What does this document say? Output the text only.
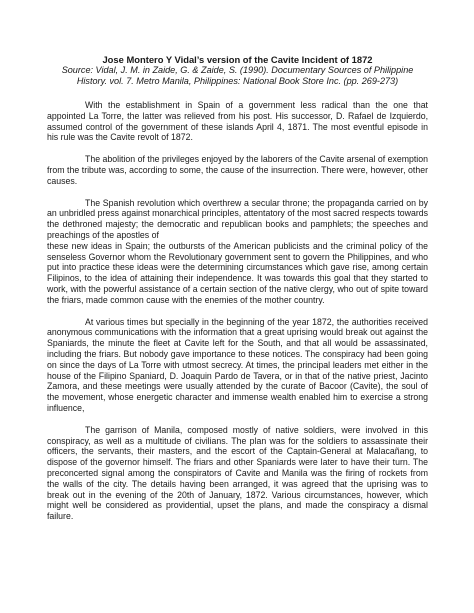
Jose Montero Y Vidal’s version of the Cavite Incident of 1872

Source: Vidal, J. M. in Zaide, G. & Zaide, S. (1990). Documentary Sources of Philippine History. vol. 7. Metro Manila, Philippines: National Book Store Inc. (pp. 269-273)

With the establishment in Spain of a government less radical than the one that appointed La Torre, the latter was relieved from his post. His successor, D. Rafael de Izquierdo, assumed control of the government of these islands April 4, 1871. The most eventful episode in his rule was the Cavite revolt of 1872.

The abolition of the privileges enjoyed by the laborers of the Cavite arsenal of exemption from the tribute was, according to some, the cause of the insurrection. There were, however, other causes.

The Spanish revolution which overthrew a secular throne; the propaganda carried on by an unbridled press against monarchical principles, attentatory of the most sacred respects towards the dethroned majesty; the democratic and republican books and pamphlets; the speeches and preachings of the apostles of

these new ideas in Spain; the outbursts of the American publicists and the criminal policy of the senseless Governor whom the Revolutionary government sent to govern the Philippines, and who put into practice these ideas were the determining circumstances which gave rise, among certain Filipinos, to the idea of attaining their independence. It was towards this goal that they started to work, with the powerful assistance of a certain section of the native clergy, who out of spite toward the friars, made common cause with the enemies of the mother country.

At various times but specially in the beginning of the year 1872, the authorities received anonymous communications with the information that a great uprising would break out against the Spaniards, the minute the fleet at Cavite left for the South, and that all would be assassinated, including the friars. But nobody gave importance to these notices. The conspiracy had been going on since the days of La Torre with utmost secrecy. At times, the principal leaders met either in the house of the Filipino Spaniard, D. Joaquin Pardo de Tavera, or in that of the native priest, Jacinto Zamora, and these meetings were usually attended by the curate of Bacoor (Cavite), the soul of the movement, whose energetic character and immense wealth enabled him to exercise a strong influence,

The garrison of Manila, composed mostly of native soldiers, were involved in this conspiracy, as well as a multitude of civilians. The plan was for the soldiers to assassinate their officers, the servants, their masters, and the escort of the Captain-General at Malacañang, to dispose of the governor himself. The friars and other Spaniards were later to have their turn. The preconcerted signal among the conspirators of Cavite and Manila was the firing of rockets from the walls of the city. The details having been arranged, it was agreed that the uprising was to break out in the evening of the 20th of January, 1872. Various circumstances, however, which might well be considered as providential, upset the plans, and made the conspiracy a dismal failure.
